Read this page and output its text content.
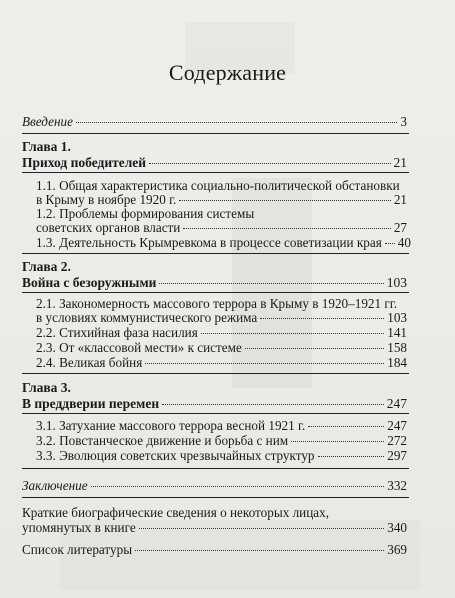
Содержание
Введение	3
Глава 1.
Приход победителей	21
1.1. Общая характеристика социально-политической обстановки
в Крыму в ноябре 1920 г.	21
1.2. Проблемы формирования системы
советских органов власти	27
1.3. Деятельность Крымревкома в процессе советизации края 40
Глава 2.
Война с безоружными	103
2.1. Закономерность массового террора в Крыму в 1920–1921 гг.
в условиях коммунистического режима	103
2.2. Стихийная фаза насилия	141
2.3. От «классовой мести» к системе	158
2.4. Великая бойня	184
Глава 3.
В преддверии перемен	247
3.1. Затухание массового террора весной 1921 г.	247
3.2. Повстанческое движение и борьба с ним	272
3.3. Эволюция советских чрезвычайных структур	297
Заключение	332
Краткие биографические сведения о некоторых лицах,
упомянутых в книге	340
Список литературы	369
